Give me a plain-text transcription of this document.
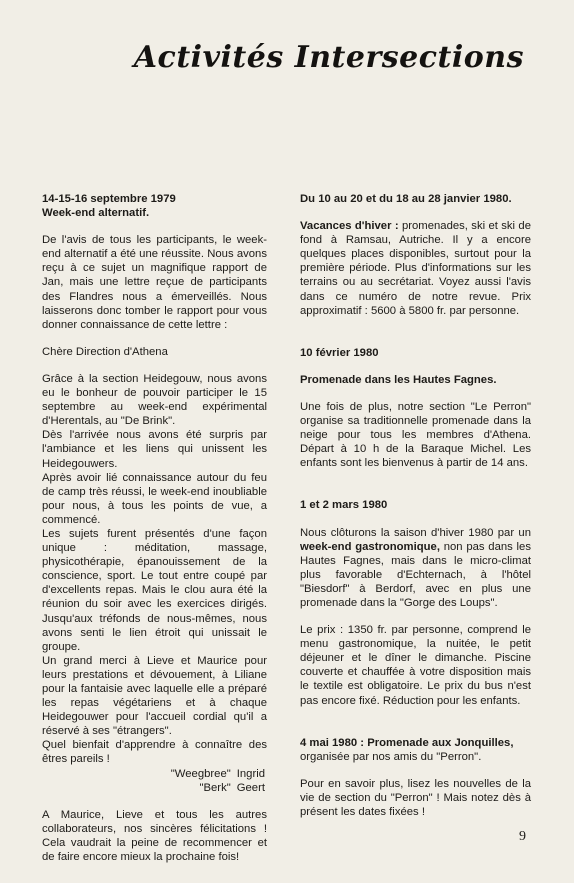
Activités Intersections

14-15-16 septembre 1979

Week-end alternatif.

De l'avis de tous les participants, le week-end alternatif a été une réussite. Nous avons reçu à ce sujet un magnifique rapport de Jan, mais une lettre reçue de participants des Flandres nous a émerveillés. Nous laisserons donc tomber le rapport pour vous donner connaissance de cette lettre :

Chère Direction d'Athena

Grâce à la section Heidegouw, nous avons eu le bonheur de pouvoir participer le 15 septembre au week-end expérimental d'Herentals, au "De Brink".

Dès l'arrivée nous avons été surpris par l'ambiance et les liens qui unissent les Heidegouwers.

Après avoir lié connaissance autour du feu de camp très réussi, le week-end inoubliable pour nous, à tous les points de vue, a commencé.

Les sujets furent présentés d'une façon unique : méditation, massage, physicothérapie, épanouissement de la conscience, sport. Le tout entre coupé par d'excellents repas. Mais le clou aura été la réunion du soir avec les exercices dirigés. Jusqu'aux tréfonds de nous-mêmes, nous avons senti le lien étroit qui unissait le groupe.

Un grand merci à Lieve et Maurice pour leurs prestations et dévouement, à Liliane pour la fantaisie avec laquelle elle a préparé les repas végétariens et à chaque Heidegouwer pour l'accueil cordial qu'il a réservé à ses "étrangers".

Quel bienfait d'apprendre à connaître des êtres pareils !

"Weegbree" Ingrid
"Berk" Geert

A Maurice, Lieve et tous les autres collaborateurs, nos sincères félicitations ! Cela vaudrait la peine de recommencer et de faire encore mieux la prochaine fois!

Du 10 au 20 et du 18 au 28 janvier 1980.

Vacances d'hiver : promenades, ski et ski de fond à Ramsau, Autriche. Il y a encore quelques places disponibles, surtout pour la première période. Plus d'informations sur les terrains ou au secrétariat. Voyez aussi l'avis dans ce numéro de notre revue. Prix approximatif : 5600 à 5800 fr. par personne.

10 février 1980

Promenade dans les Hautes Fagnes.

Une fois de plus, notre section "Le Perron" organise sa traditionnelle promenade dans la neige pour tous les membres d'Athena. Départ à 10 h de la Baraque Michel. Les enfants sont les bienvenus à partir de 14 ans.

1 et 2 mars 1980

Nous clôturons la saison d'hiver 1980 par un week-end gastronomique, non pas dans les Hautes Fagnes, mais dans le micro-climat plus favorable d'Echternach, à l'hôtel "Biesdorf" à Berdorf, avec en plus une promenade dans la "Gorge des Loups".

Le prix : 1350 fr. par personne, comprend le menu gastronomique, la nuitée, le petit déjeuner et le dîner le dimanche. Piscine couverte et chauffée à votre disposition mais le textile est obligatoire. Le prix du bus n'est pas encore fixé. Réduction pour les enfants.

4 mai 1980 : Promenade aux Jonquilles,

organisée par nos amis du "Perron".

Pour en savoir plus, lisez les nouvelles de la vie de section du "Perron" ! Mais notez dès à présent les dates fixées !

9
